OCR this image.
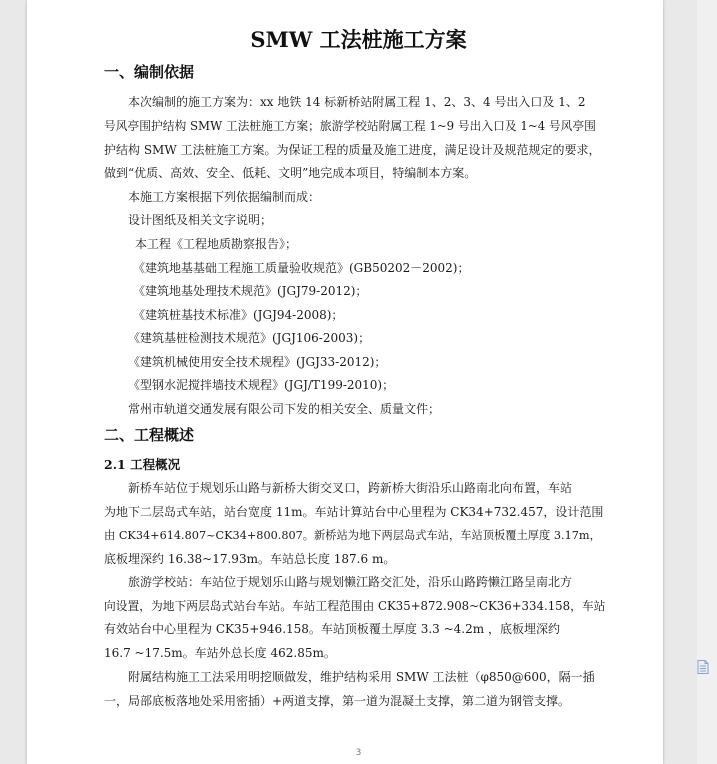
SMW 工法桩施工方案
一、编制依据
本次编制的施工方案为：xx 地铁 14 标新桥站附属工程 1、2、3、4 号出入口及 1、2
号风亭围护结构 SMW 工法桩施工方案；旅游学校站附属工程 1~9 号出入口及 1~4 号风亭围
护结构 SMW 工法桩施工方案。为保证工程的质量及施工进度，满足设计及规范规定的要求，
做到“优质、高效、安全、低耗、文明”地完成本项目，特编制本方案。
本施工方案根据下列依据编制而成：
设计图纸及相关文字说明；
本工程《工程地质勘察报告》；
《建筑地基基础工程施工质量验收规范》(GB50202－2002)；
《建筑地基处理技术规范》(JGJ79-2012)；
《建筑桩基技术标准》(JGJ94-2008)；
《建筑基桩检测技术规范》(JGJ106-2003)；
《建筑机械使用安全技术规程》(JGJ33-2012)；
《型钢水泥搅拌墙技术规程》(JGJ/T199-2010)；
常州市轨道交通发展有限公司下发的相关安全、质量文件；
二、工程概述
2.1 工程概况
新桥车站位于规划乐山路与新桥大街交叉口，跨新桥大街沿乐山路南北向布置，车站
为地下二层岛式车站，站台宽度 11m。车站计算站台中心里程为 CK34+732.457，设计范围
由 CK34+614.807~CK34+800.807。新桥站为地下两层岛式车站，车站顶板覆土厚度 3.17m，
底板埋深约 16.38~17.93m。车站总长度 187.6 m。
旅游学校站：车站位于规划乐山路与规划懒江路交汇处，沿乐山路跨懒江路呈南北方
向设置，为地下两层岛式站台车站。车站工程范围由 CK35+872.908~CK36+334.158，车站
有效站台中心里程为 CK35+946.158。车站顶板覆土厚度 3.3 ~4.2m ，底板埋深约
16.7 ~17.5m。车站外总长度 462.85m。
附属结构施工工法采用明挖顺做发，维护结构采用 SMW 工法桩（φ850@600，隔一插
一，局部底板落地处采用密插）+两道支撑，第一道为混凝土支撑，第二道为钢管支撑。
3
